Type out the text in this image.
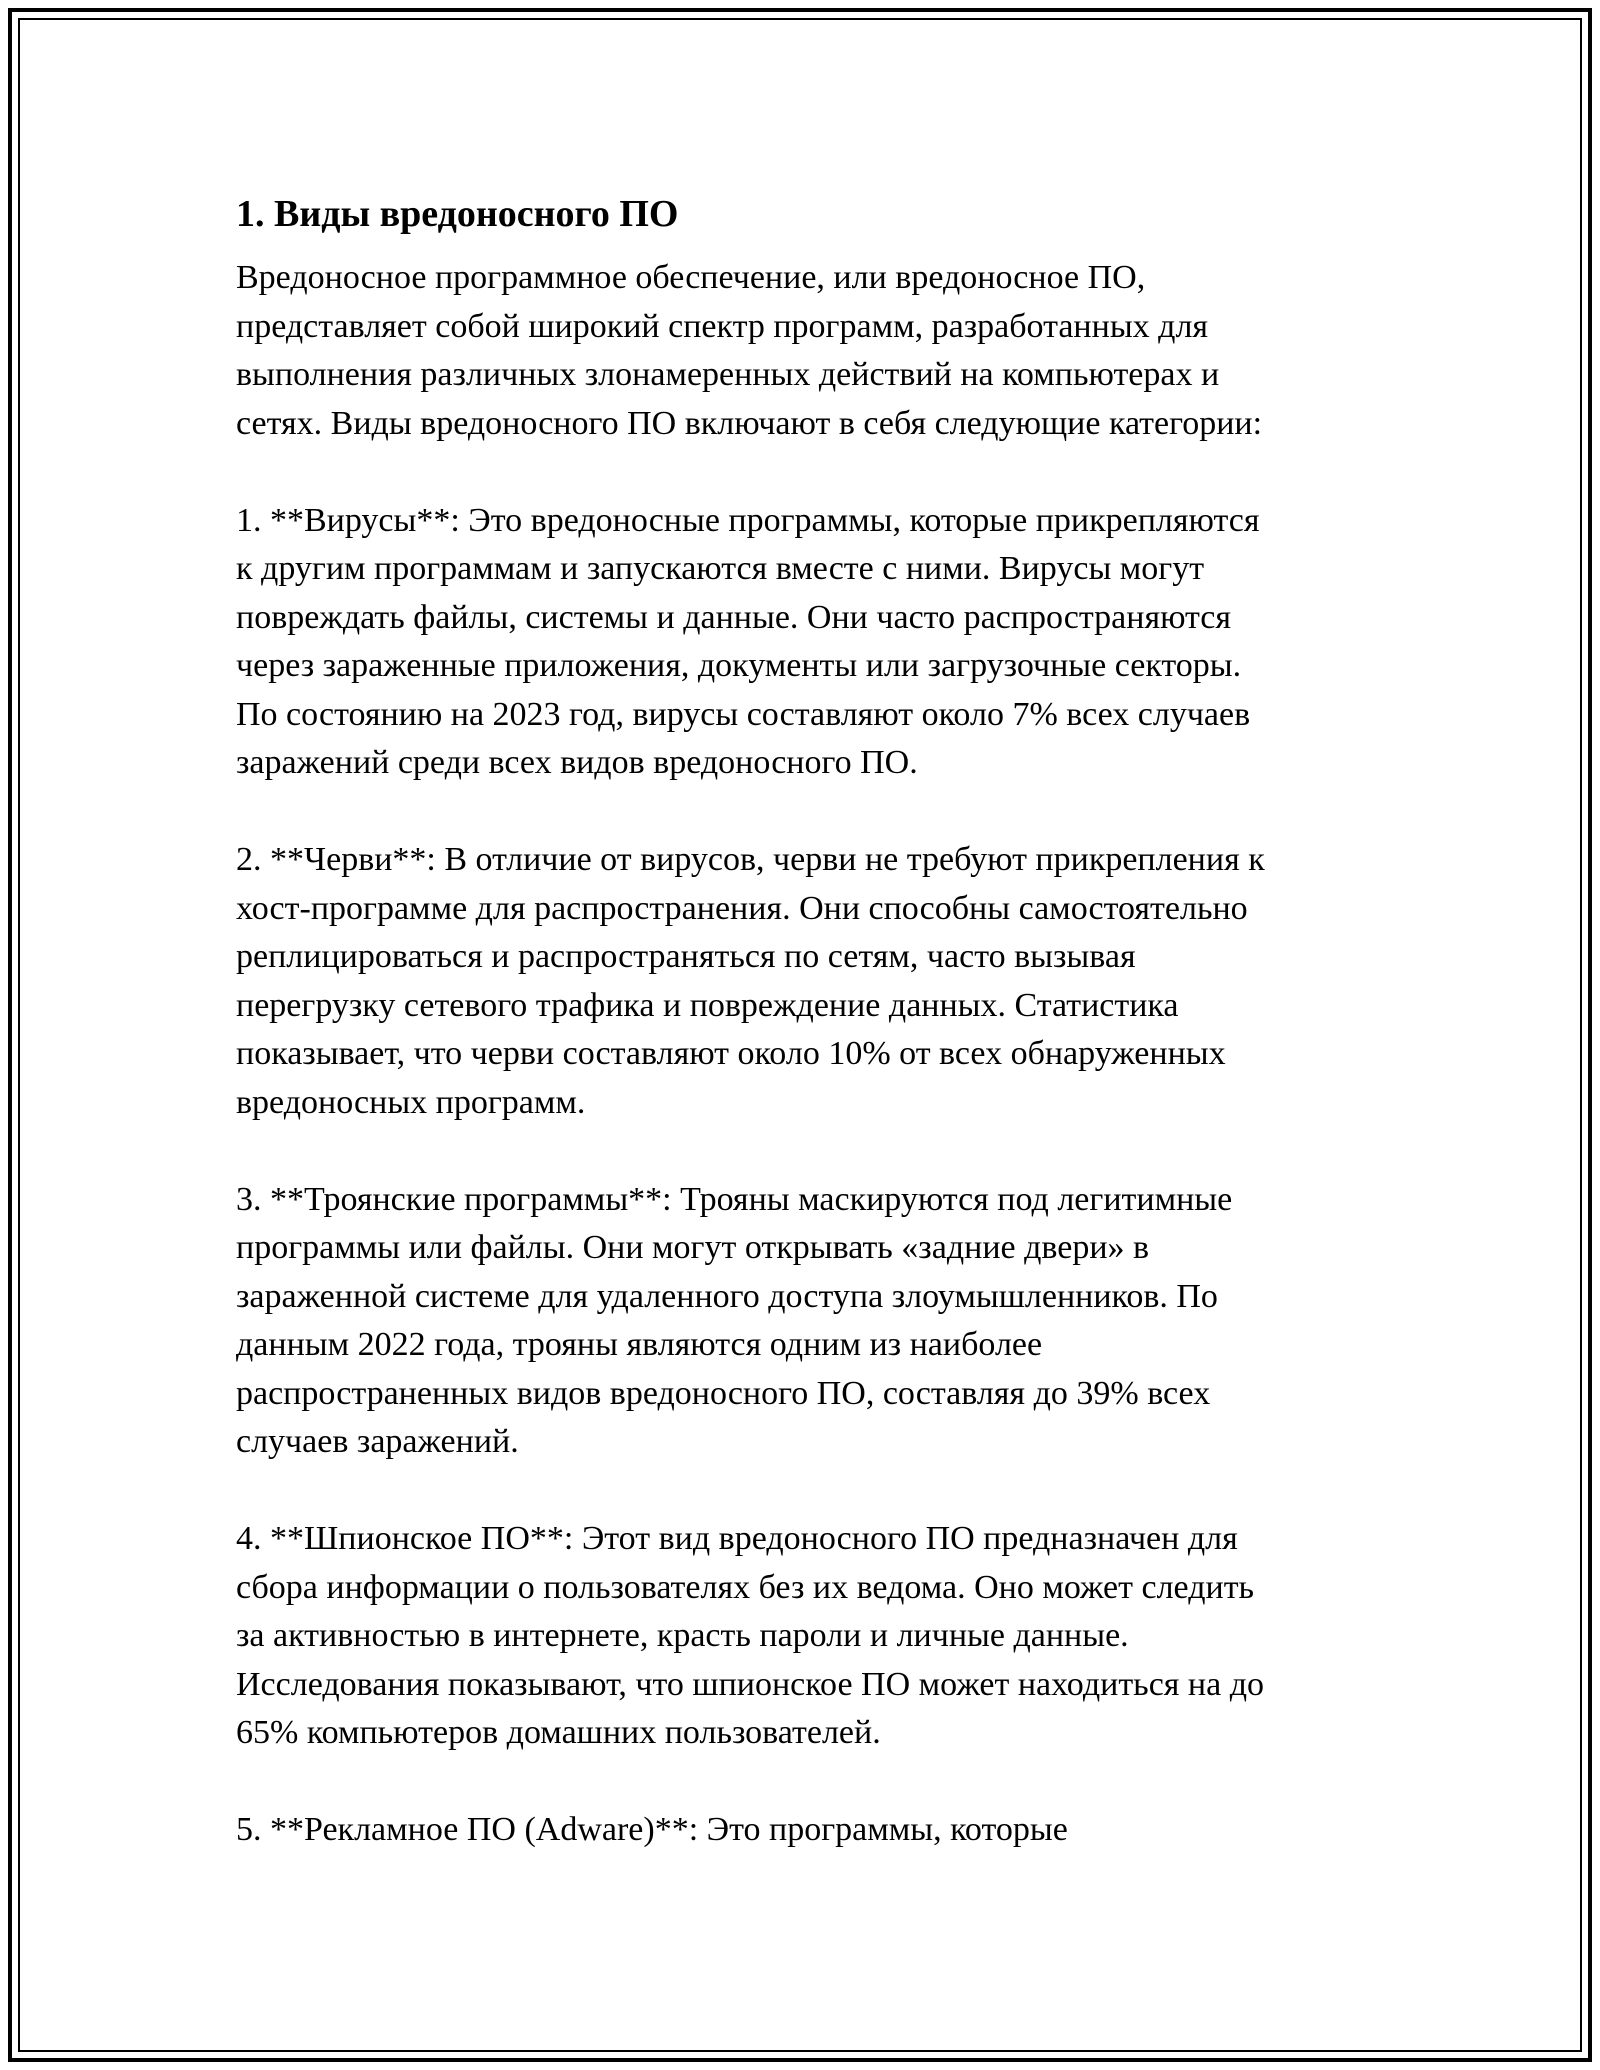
1. Виды вредоносного ПО
Вредоносное программное обеспечение, или вредоносное ПО,
представляет собой широкий спектр программ, разработанных для
выполнения различных злонамеренных действий на компьютерах и
сетях. Виды вредоносного ПО включают в себя следующие категории:
1. **Вирусы**: Это вредоносные программы, которые прикрепляются
к другим программам и запускаются вместе с ними. Вирусы могут
повреждать файлы, системы и данные. Они часто распространяются
через зараженные приложения, документы или загрузочные секторы.
По состоянию на 2023 год, вирусы составляют около 7% всех случаев
заражений среди всех видов вредоносного ПО.
2. **Черви**: В отличие от вирусов, черви не требуют прикрепления к
хост-программе для распространения. Они способны самостоятельно
реплицироваться и распространяться по сетям, часто вызывая
перегрузку сетевого трафика и повреждение данных. Статистика
показывает, что черви составляют около 10% от всех обнаруженных
вредоносных программ.
3. **Троянские программы**: Трояны маскируются под легитимные
программы или файлы. Они могут открывать «задние двери» в
зараженной системе для удаленного доступа злоумышленников. По
данным 2022 года, трояны являются одним из наиболее
распространенных видов вредоносного ПО, составляя до 39% всех
случаев заражений.
4. **Шпионское ПО**: Этот вид вредоносного ПО предназначен для
сбора информации о пользователях без их ведома. Оно может следить
за активностью в интернете, красть пароли и личные данные.
Исследования показывают, что шпионское ПО может находиться на до
65% компьютеров домашних пользователей.
5. **Рекламное ПО (Adware)**: Это программы, которые
